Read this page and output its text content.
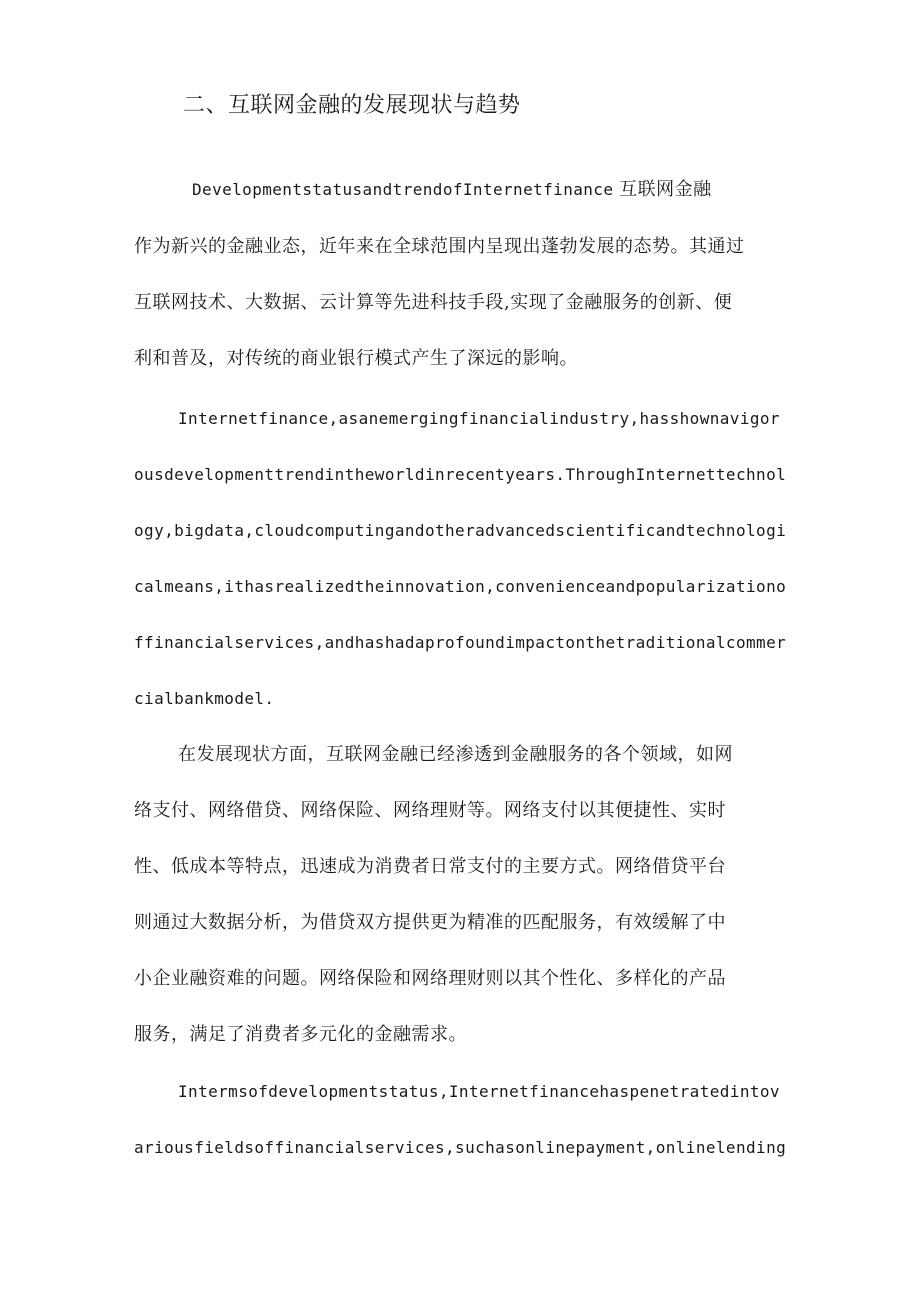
二、互联网金融的发展现状与趋势

DevelopmentstatusandtrendofInternetfinance 互联网金融

作为新兴的金融业态，近年来在全球范围内呈现出蓬勃发展的态势。其通过

互联网技术、大数据、云计算等先进科技手段,实现了金融服务的创新、便

利和普及，对传统的商业银行模式产生了深远的影响。

Internetfinance,asanemergingfinancialindustry,hasshownavigor

ousdevelopmenttrendintheworldinrecentyears.ThroughInternettechnol

ogy,bigdata,cloudcomputingandotheradvancedscientificandtechnologi

calmeans,ithasrealizedtheinnovation,convenienceandpopularizationo

ffinancialservices,andhashadaprofoundimpactonthetraditionalcommer

cialbankmodel.

在发展现状方面，互联网金融已经渗透到金融服务的各个领域，如网

络支付、网络借贷、网络保险、网络理财等。网络支付以其便捷性、实时

性、低成本等特点，迅速成为消费者日常支付的主要方式。网络借贷平台

则通过大数据分析，为借贷双方提供更为精准的匹配服务，有效缓解了中

小企业融资难的问题。网络保险和网络理财则以其个性化、多样化的产品

服务，满足了消费者多元化的金融需求。

Intermsofdevelopmentstatus,Internetfinancehaspenetratedintov

ariousfieldsoffinancialservices,suchasonlinepayment,onlinelending
